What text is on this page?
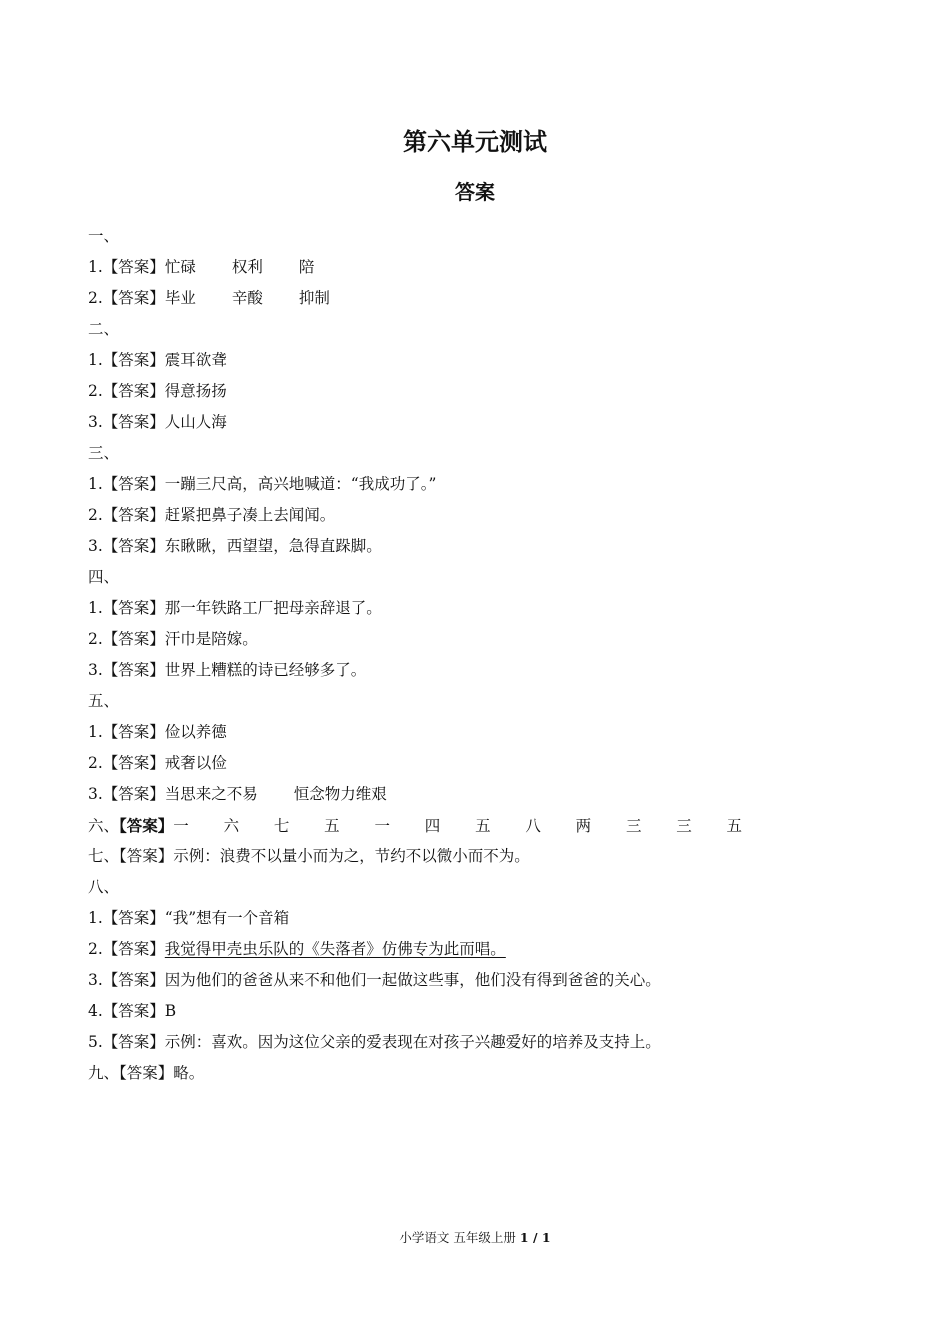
第六单元测试
答案
一、
1.【答案】忙碌 权利 陪
2.【答案】毕业 辛酸 抑制
二、
1.【答案】震耳欲聋
2.【答案】得意扬扬
3.【答案】人山人海
三、
1.【答案】一蹦三尺高，高兴地喊道：“我成功了。”
2.【答案】赶紧把鼻子凑上去闻闻。
3.【答案】东瞅瞅，西望望，急得直跺脚。
四、
1.【答案】那一年铁路工厂把母亲辞退了。
2.【答案】汗巾是陪嫁。
3.【答案】世界上糟糕的诗已经够多了。
五、
1.【答案】俭以养德
2.【答案】戒奢以俭
3.【答案】当思来之不易 恒念物力维艰
六、【答案】一 六 七 五 一 四 五 八 两 三 三 五
七、【答案】示例：浪费不以量小而为之，节约不以微小而不为。
八、
1.【答案】“我”想有一个音箱
2.【答案】我觉得甲壳虫乐队的《失落者》仿佛专为此而唱。
3.【答案】因为他们的爸爸从来不和他们一起做这些事，他们没有得到爸爸的关心。
4.【答案】B
5.【答案】示例：喜欢。因为这位父亲的爱表现在对孩子兴趣爱好的培养及支持上。
九、【答案】略。
小学语文 五年级上册 1 / 1
